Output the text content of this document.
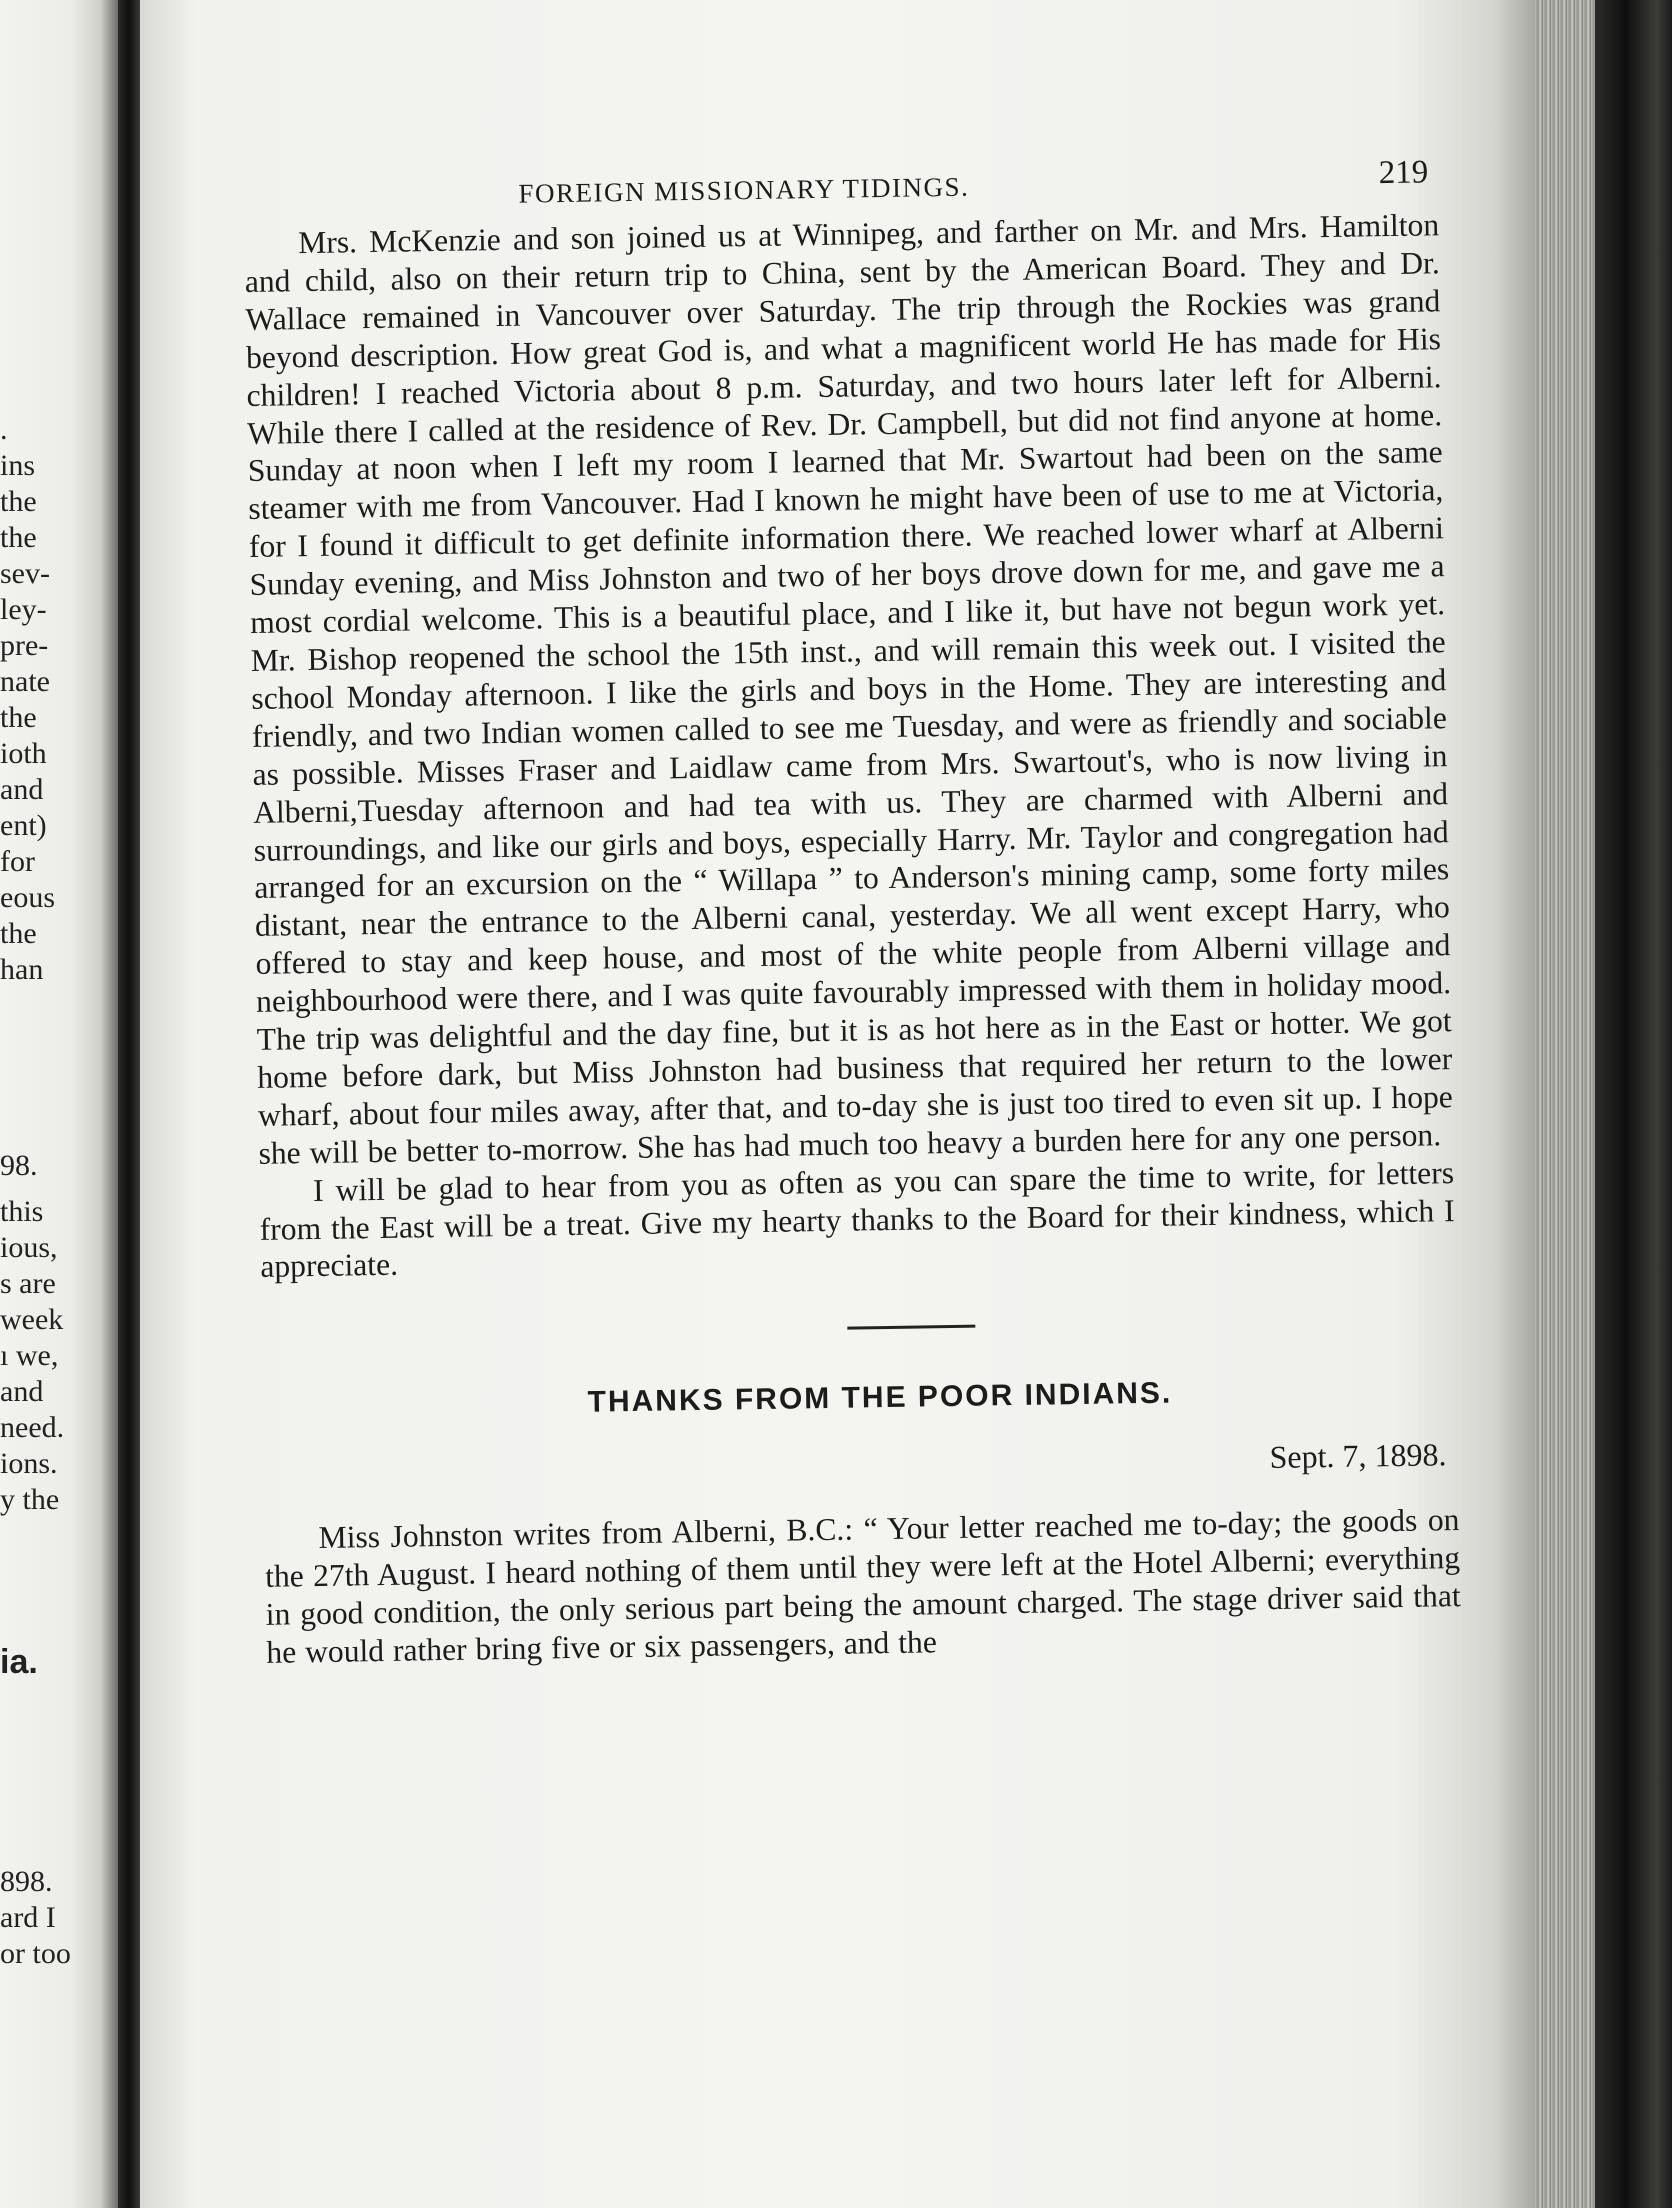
.
ins
the
the
sev-
ley-
pre-
nate
the
ioth
and
ent)
for
eous
the
han
98.
this
ious,
s are
week
ı we,
and
need.
ions.
y the
ia.
898.
ard I
or too
FOREIGN MISSIONARY TIDINGS.	219

Mrs. McKenzie and son joined us at Winnipeg, and farther on Mr. and Mrs. Hamilton and child, also on their return trip to China, sent by the American Board. They and Dr. Wallace remained in Vancouver over Saturday. The trip through the Rockies was grand beyond description. How great God is, and what a magnificent world He has made for His children! I reached Victoria about 8 p.m. Saturday, and two hours later left for Alberni. While there I called at the residence of Rev. Dr. Campbell, but did not find anyone at home. Sunday at noon when I left my room I learned that Mr. Swartout had been on the same steamer with me from Vancouver. Had I known he might have been of use to me at Victoria, for I found it difficult to get definite information there. We reached lower wharf at Alberni Sunday evening, and Miss Johnston and two of her boys drove down for me, and gave me a most cordial welcome. This is a beautiful place, and I like it, but have not begun work yet. Mr. Bishop reopened the school the 15th inst., and will remain this week out. I visited the school Monday afternoon. I like the girls and boys in the Home. They are interesting and friendly, and two Indian women called to see me Tuesday, and were as friendly and sociable as possible. Misses Fraser and Laidlaw came from Mrs. Swartout's, who is now living in Alberni,Tuesday afternoon and had tea with us. They are charmed with Alberni and surroundings, and like our girls and boys, especially Harry. Mr. Taylor and congregation had arranged for an excursion on the “ Willapa ” to Anderson's mining camp, some forty miles distant, near the entrance to the Alberni canal, yesterday. We all went except Harry, who offered to stay and keep house, and most of the white people from Alberni village and neighbourhood were there, and I was quite favourably impressed with them in holiday mood. The trip was delightful and the day fine, but it is as hot here as in the East or hotter. We got home before dark, but Miss Johnston had business that required her return to the lower wharf, about four miles away, after that, and to-day she is just too tired to even sit up. I hope she will be better to-morrow. She has had much too heavy a burden here for any one person.

I will be glad to hear from you as often as you can spare the time to write, for letters from the East will be a treat. Give my hearty thanks to the Board for their kindness, which I appreciate.

THANKS FROM THE POOR INDIANS.
Sept. 7, 1898.

Miss Johnston writes from Alberni, B.C.: “ Your letter reached me to-day; the goods on the 27th August. I heard nothing of them until they were left at the Hotel Alberni; everything in good condition, the only serious part being the amount charged. The stage driver said that he would rather bring five or six passengers, and the
